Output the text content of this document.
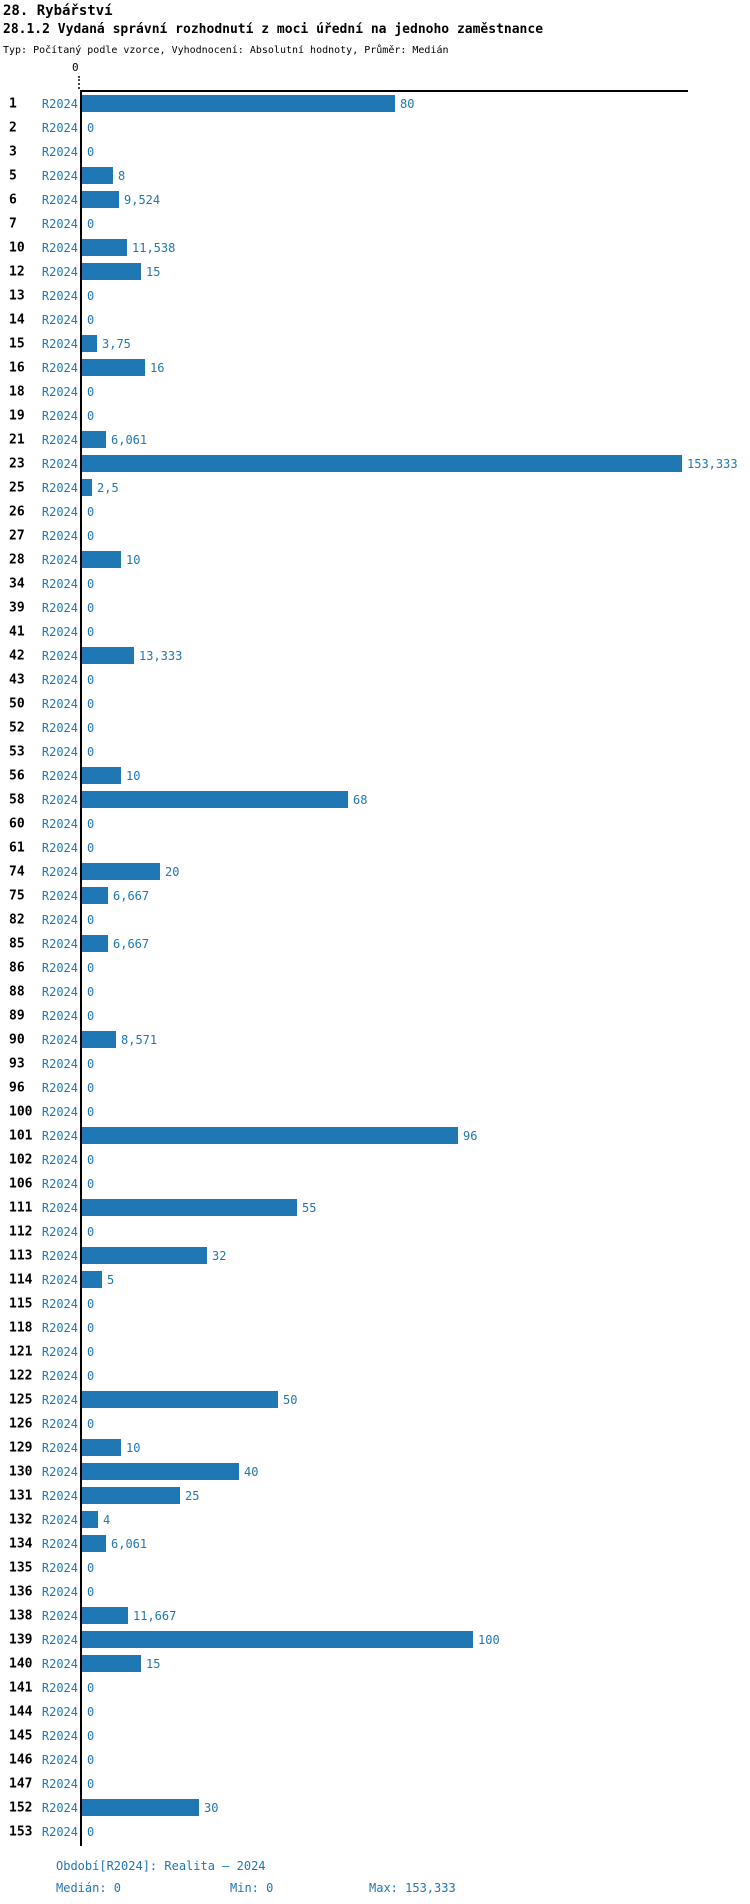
28. Rybářství
28.1.2 Vydaná správní rozhodnutí z moci úřední na jednoho zaměstnance
Typ: Počítaný podle vzorce, Vyhodnocení: Absolutní hodnoty, Průměr: Medián
0
1	R2024	80
2	R2024 0
3	R2024 0
5	R2024	8
6	R2024	9,524
7	R2024 0
10	R2024	11,538
12	R2024	15
13	R2024 0
14	R2024 0
15	R2024 3,75
16	R2024	16
18	R2024 0
19	R2024 0
21	R2024	6,061
23	R2024	153,333
25	R2024 2,5
26	R2024 0
27	R2024 0
28	R2024	10
34	R2024 0
39	R2024 0
41	R2024 0
42	R2024	13,333
43	R2024 0
50	R2024 0
52	R2024 0
53	R2024 0
56	R2024	10
58	R2024	68
60	R2024 0
61	R2024 0
74	R2024	20
75	R2024	6,667
82	R2024 0
85	R2024	6,667
86	R2024 0
88	R2024 0
89	R2024 0
90	R2024	8,571
93	R2024 0
96	R2024 0
100 R2024 0
101 R2024	96
102 R2024 0
106 R2024 0
111 R2024	55
112 R2024 0
113 R2024	32
114 R2024 5
115 R2024 0
118 R2024 0
121 R2024 0
122 R2024 0
125 R2024	50
126 R2024 0
129 R2024	10
130 R2024	40
131 R2024	25
132 R2024 4
134 R2024	6,061
135 R2024 0
136 R2024 0
138 R2024	11,667
139 R2024	100
140 R2024	15
141 R2024 0
144 R2024 0
145 R2024 0
146 R2024 0
147 R2024 0
152 R2024	30
153 R2024 0
Období[R2024]: Realita – 2024
Medián: 0	Min: 0	Max: 153,333
